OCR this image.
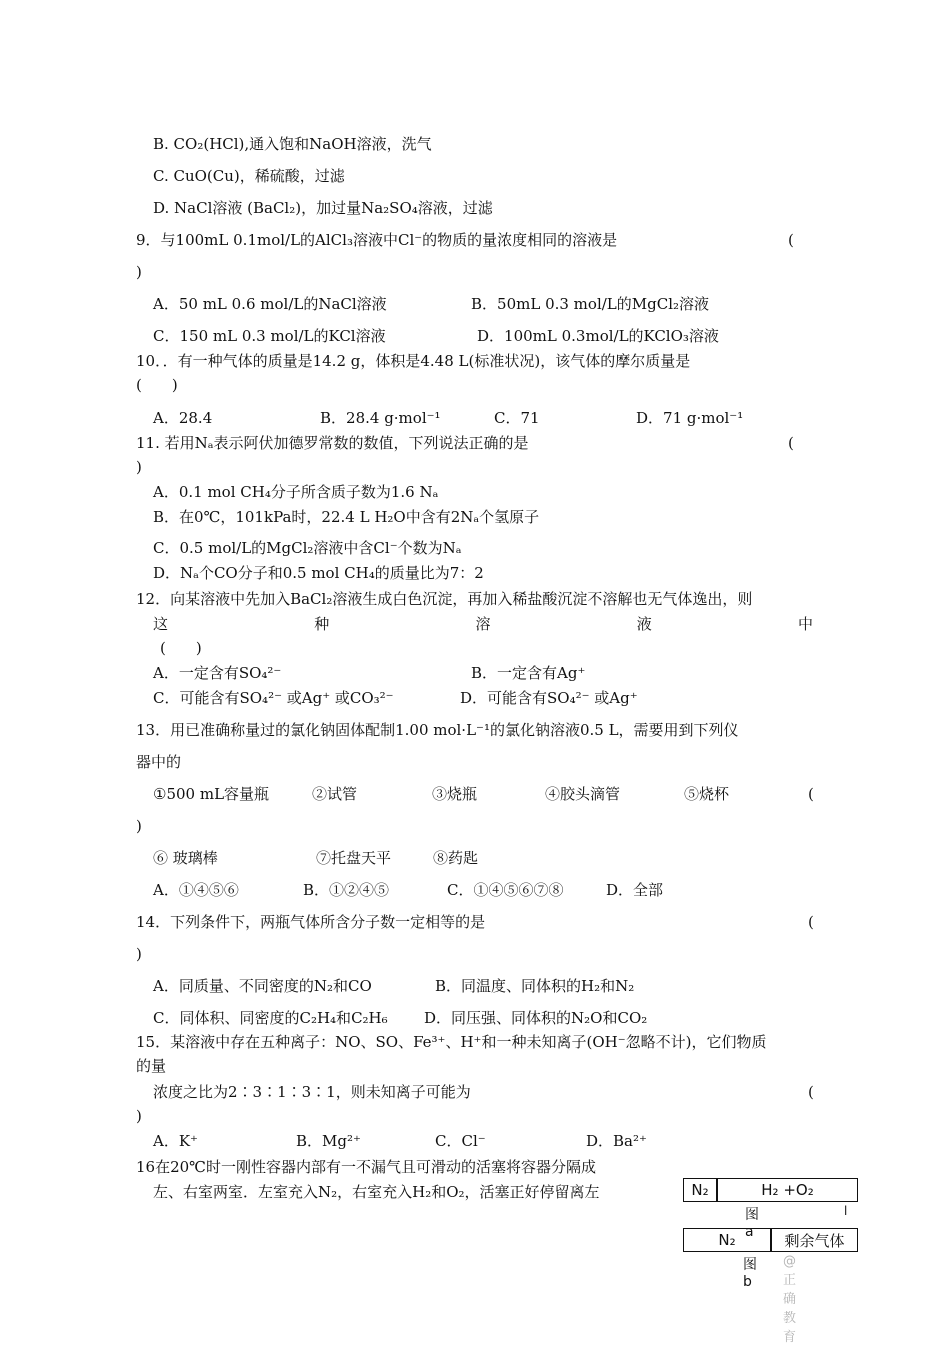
B. CO₂(HCl),通入饱和NaOH溶液，洗气
C. CuO(Cu)，稀硫酸，过滤
D. NaCl溶液 (BaCl₂)，加过量Na₂SO₄溶液，过滤
9．与100mL 0.1mol/L的AlCl₃溶液中Cl⁻的物质的量浓度相同的溶液是	(
)
A．50 mL 0.6 mol/L的NaCl溶液	B．50mL 0.3 mol/L的MgCl₂溶液
C．150 mL 0.3 mol/L的KCl溶液	D．100mL 0.3mol/L的KClO₃溶液
10．．有一种气体的质量是14.2 g，体积是4.48 L(标准状况)，该气体的摩尔质量是
(　　)
A．28.4	B．28.4 g·mol⁻¹	C．71	D．71 g·mol⁻¹
11. 若用Nₐ表示阿伏加德罗常数的数值，下列说法正确的是	(
)
A．0.1 mol CH₄分子所含质子数为1.6 Nₐ
B．在0℃，101kPa时，22.4 L H₂O中含有2Nₐ个氢原子
C．0.5 mol/L的MgCl₂溶液中含Cl⁻个数为Nₐ
D．Nₐ个CO分子和0.5 mol CH₄的质量比为7：2
12．向某溶液中先加入BaCl₂溶液生成白色沉淀，再加入稀盐酸沉淀不溶解也无气体逸出，则
这	种	溶	液	中
(　　)
A．一定含有SO₄²⁻	B．一定含有Ag⁺
C．可能含有SO₄²⁻ 或Ag⁺ 或CO₃²⁻	D．可能含有SO₄²⁻ 或Ag⁺
13．用已准确称量过的氯化钠固体配制1.00 mol·L⁻¹的氯化钠溶液0.5 L，需要用到下列仪
器中的
①500 mL容量瓶	②试管	③烧瓶	④胶头滴管	⑤烧杯	(
)
⑥ 玻璃棒	⑦托盘天平	⑧药匙
A．①④⑤⑥	B．①②④⑤	C．①④⑤⑥⑦⑧	D．全部
14．下列条件下，两瓶气体所含分子数一定相等的是	(
)
A．同质量、不同密度的N₂和CO	B．同温度、同体积的H₂和N₂
C．同体积、同密度的C₂H₄和C₂H₆ D．同压强、同体积的N₂O和CO₂
15．某溶液中存在五种离子：NO、SO、Fe³⁺、H⁺和一种未知离子(OH⁻忽略不计)，它们物质
的量
浓度之比为2∶3∶1∶3∶1，则未知离子可能为	(
)
A．K⁺	B．Mg²⁺	C．Cl⁻	D．Ba²⁺
16在20℃时一刚性容器内部有一不漏气且可滑动的活塞将容器分隔成
左、右室两室．左室充入N₂，右室充入H₂和O₂，活塞正好停留离左	N₂	H₂ +O₂
图 a
l
N₂	剩余气体
图 b
@正确教育
